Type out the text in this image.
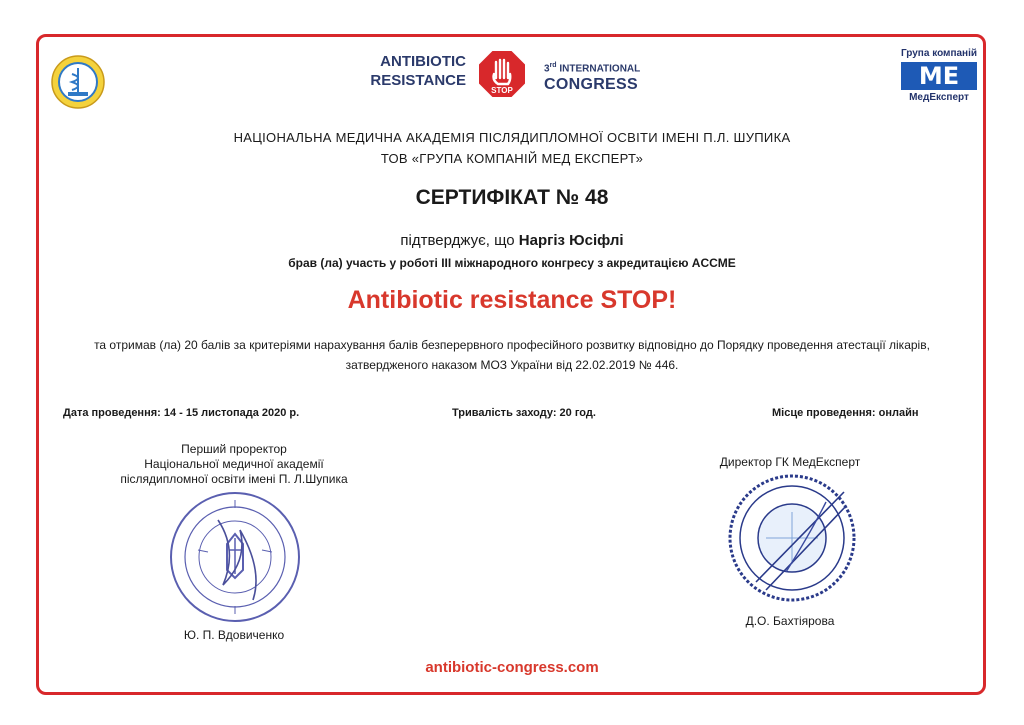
ANTIBIOTIC
RESISTANCE
STOP
3rd INTERNATIONAL
CONGRESS
Група компаній
МЕ
МедЕксперт
НАЦІОНАЛЬНА МЕДИЧНА АКАДЕМІЯ ПІСЛЯДИПЛОМНОЇ ОСВІТИ ІМЕНІ П.Л. ШУПИКА
ТОВ «ГРУПА КОМПАНІЙ МЕД ЕКСПЕРТ»
СЕРТИФІКАТ № 48
підтверджує, що Наргіз Юсіфлі
брав (ла) участь у роботі III міжнародного конгресу з акредитацією ACCME
Antibiotic resistance STOP!
та отримав (ла) 20 балів за критеріями нарахування балів безперервного професійного розвитку відповідно до Порядку проведення атестації лікарів,
затвердженого наказом МОЗ України від 22.02.2019 № 446.
Дата проведення: 14 - 15 листопада 2020 р.	Тривалість заходу: 20 год.	Місце проведення: онлайн
Перший проректор
Національної медичної академії
післядипломної освіти імені П. Л.Шупика
Ю. П. Вдовиченко
Директор ГК МедЕксперт
Д.О. Бахтіярова
antibiotic-congress.com
